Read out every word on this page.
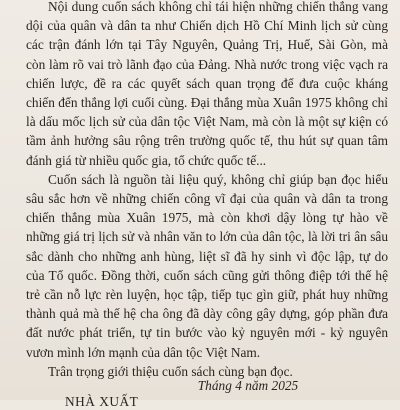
Nội dung cuốn sách không chỉ tái hiện những chiến thắng vang dội của quân và dân ta như Chiến dịch Hồ Chí Minh lịch sử cùng các trận đánh lớn tại Tây Nguyên, Quảng Trị, Huế, Sài Gòn, mà còn làm rõ vai trò lãnh đạo của Đảng. Nhà nước trong việc vạch ra chiến lược, đề ra các quyết sách quan trọng để đưa cuộc kháng chiến đến thắng lợi cuối cùng. Đại thắng mùa Xuân 1975 không chỉ là dấu mốc lịch sử của dân tộc Việt Nam, mà còn là một sự kiện có tầm ảnh hưởng sâu rộng trên trường quốc tế, thu hút sự quan tâm đánh giá từ nhiều quốc gia, tổ chức quốc tế...

Cuốn sách là nguồn tài liệu quý, không chỉ giúp bạn đọc hiểu sâu sắc hơn về những chiến công vĩ đại của quân và dân ta trong chiến thắng mùa Xuân 1975, mà còn khơi dậy lòng tự hào về những giá trị lịch sử và nhân văn to lớn của dân tộc, là lời tri ân sâu sắc dành cho những anh hùng, liệt sĩ đã hy sinh vì độc lập, tự do của Tổ quốc. Đồng thời, cuốn sách cũng gửi thông điệp tới thế hệ trẻ cần nỗ lực rèn luyện, học tập, tiếp tục gìn giữ, phát huy những thành quả mà thế hệ cha ông đã dày công gây dựng, góp phần đưa đất nước phát triển, tự tin bước vào kỷ nguyên mới - kỷ nguyên vươn mình lớn mạnh của dân tộc Việt Nam.

Trân trọng giới thiệu cuốn sách cùng bạn đọc.

Tháng 4 năm 2025
NHÀ XUẤT
